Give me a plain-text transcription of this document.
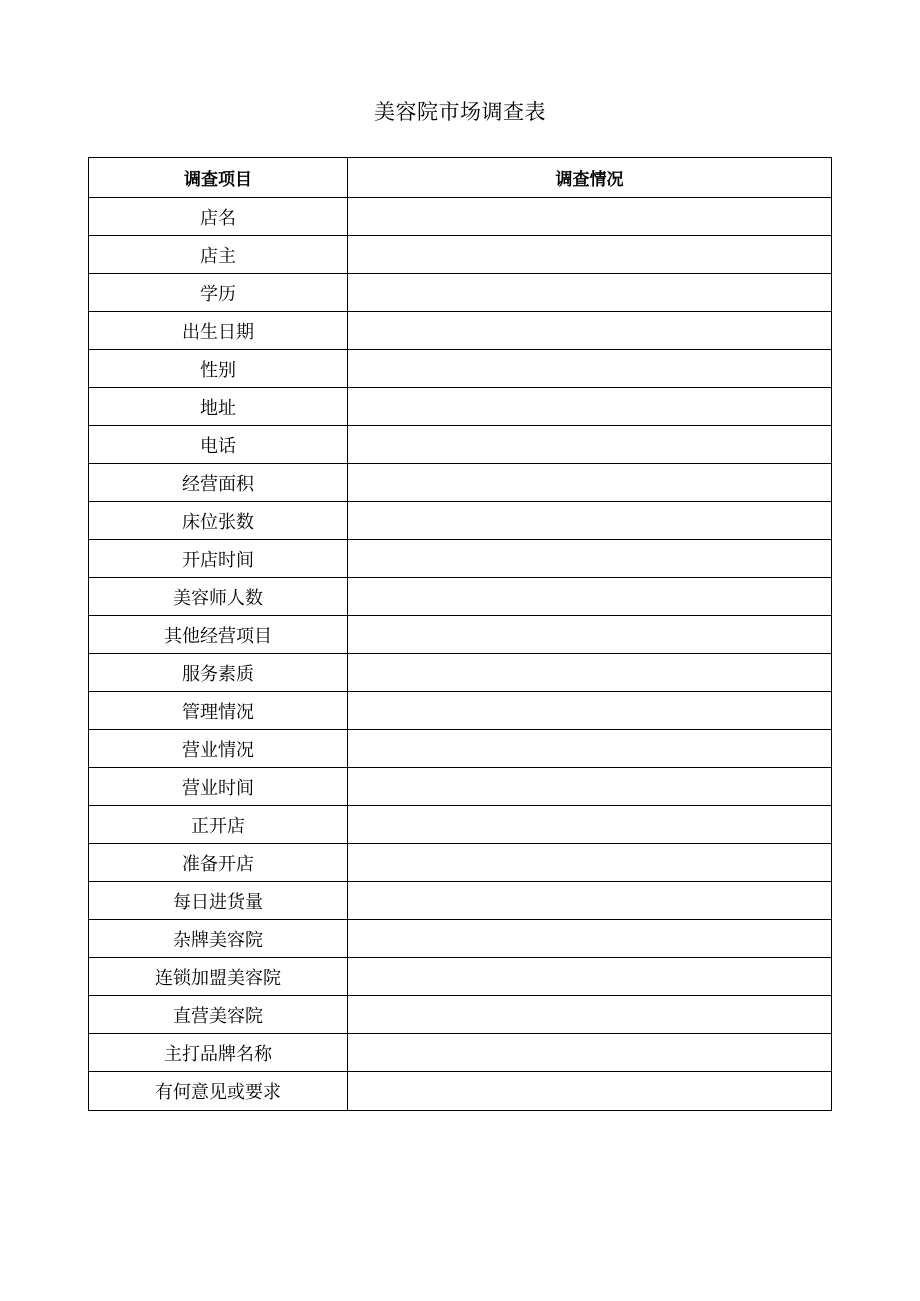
美容院市场调查表
调查项目	调查情况
店名	
店主	
学历	
出生日期	
性别	
地址	
电话	
经营面积	
床位张数	
开店时间	
美容师人数	
其他经营项目	
服务素质	
管理情况	
营业情况	
营业时间	
正开店	
准备开店	
每日进货量	
杂牌美容院	
连锁加盟美容院	
直营美容院	
主打品牌名称	
有何意见或要求	
